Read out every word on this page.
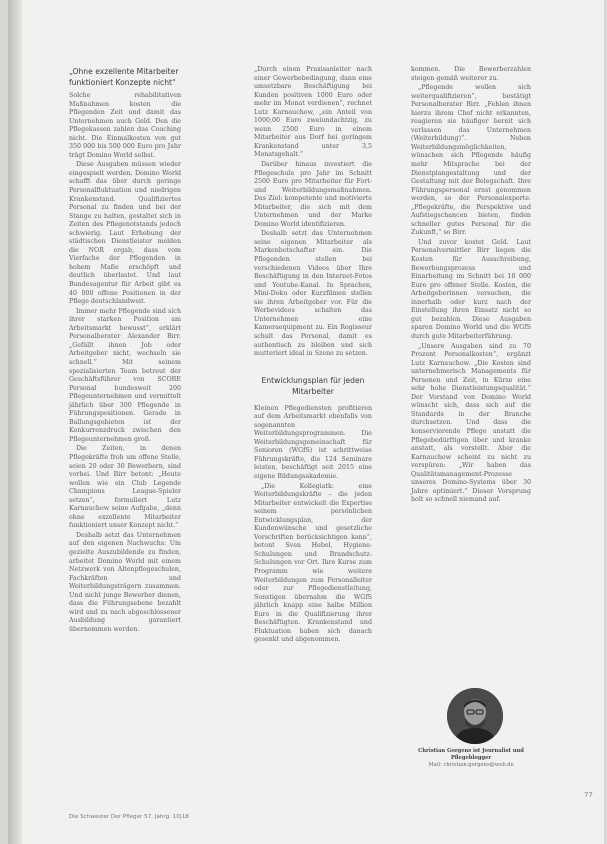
„Ohne exzellente Mitarbeiter funktioniert Konzepte nicht“

Solche rehabilitativen Maßnahmen kosten die Pflegenden Zeit und damit das Unternehmen auch Geld. Den die Pflegekassen zahlen das Coaching nicht. Die Einmalkosten von gut 350 000 bis 500 000 Euro pro Jahr trägt Domino World selbst.

Diese Ausgaben müssen wieder eingespielt werden. Domino World schafft das über durch geringe Personalfluktuation und niedrigen Krankenstand. Qualifiziertes Personal zu finden und bei der Stange zu halten, gestaltet sich in Zeiten des Pflegenotstands jedoch schwierig. Laut Erhebung der städtischen Dienstleister melden die NOR ergab, dass vom Vierfache der Pflegenden in hohem Maße erschöpft und deutlich überlastet. Und laut Bundesagentur für Arbeit gibt es 40 000 offene Positionen in der Pflege deutschlandweit.

Immer mehr Pflegende sind sich ihrer starken Position am Arbeitsmarkt bewusst“, erklärt Personalberater Alexander Birr. „Gefällt ihnen Job oder Arbeitgeber nicht, wechseln sie schnell.“ Mit seinem spezialisierten Team betreut der Geschäftsführer von SCORE Personal bundesweit 200 Pflegeunternehmen und vermittelt jährlich über 300 Pflegende in Führungspositionen. Gerade in Ballungsgebieten ist der Konkurrenzdruck zwischen den Pflegeunternehmen groß.

Die Zeiten, in denen Pflegekräfte froh um offene Stelle, seien 20 oder 30 Bewerbern, sind vorbei. Und Birr betont: „Heute wollen wie ein Club Legende Champions League-Spieler setzen“, formuliert Lutz Karnauchow seine Aufgabe, „denn ohne exzellente Mitarbeiter funktioniert unser Konzept nicht.“

Deshalb setzt das Unternehmen auf den eigenen Nachwuchs: Um gezielte Auszubildende zu finden, arbeitet Domino World mit einem Netzwerk von Altenpflegeschulen, Fachkräften und Weiterbildungsträgern zusammen. Und nicht junge Bewerber dienen, dass die Führungsebene bezahlt wird und zu nach abgeschlossener Ausbildung garantiert übernommen werden.

„Durch einen Praxisanleiter nach einer Gewerbebedingung, dann eine umsetzbare Beschäftigung bei Kunden positiven 1000 Euro oder mehr im Monat verdienen“, rechnet Lutz Karnauchow, „ein Anteil von 1000,00 Euro zweiundachtzig, zu wenn 2500 Euro in einem Mitarbeiter aus Dorf bei geringem Krankenstand unter 3,5 Monatsgehalt.“

Darüber hinaus investiert die Pflegeschule pro Jahr im Schnitt 2500 Euro pro Mitarbeiter für Fort- und Weiterbildungsmaßnahmen. Das Ziel: kompetente und motivierte Mitarbeiter, die sich mit dem Unternehmen und der Marke Domino World identifizieren.

Deshalb setzt das Unternehmen seine eigenen Mitarbeiter als Markenbotschafter ein. Die Pflegenden stellen bei verschiedenen Videos über Ihre Beschäftigung in den Internet-Fotos und Youtube-Kanal. In Sprachen, Mini-Doku oder Kurzfilmen stellen sie ihren Arbeitgeber vor. Für die Werbevideos schalten das Unternehmen eine Kameraequipment zu. Ein Regisseur schult das Personal, damit es authentisch zu bleiben und sich mutteriert ideal in Szene zu setzen.

Entwicklungsplan für jeden Mitarbeiter

Kleinen Pflegediensten profitieren auf dem Arbeitsmarkt ebenfalls von sogenannten Weiterbildungsprogrammen. Die Weiterbildungsgemeinschaft für Senioren (WGfS) ist schrittweise Führungskräfte, die 124 Seminare leisten, beschäftigt seit 2015 eine eigene Bildungsakademie.

„Die Kollegiatk: eine Weiterbildungskräfte – die jeden Mitarbeiter entwickelt die Expertise seinem persönlichen Entwicklungsplan, der Kundenwünsche und gesetzliche Vorschriften berücksichtigen kann“, betont Sven Hebel, Hygiene-Schulungen und Brandschutz-Schulungen vor Ort. Ihre Kurse zum Programm wie weitere Weiterbildungen zum Personalleiter oder zur Pflegedienstleitung, Sonstigen übernahm die WGfS jährlich knapp eine halbe Million Euro in die Qualifizierung ihrer Beschäftigten. Krankenstand und Fluktuation haben sich danach gesenkt und abgenommen.

kommen. Die Bewerberzahlen steigen gemäß weiterer zu.

„Pflegende wollen sich weiterqualifizieren“, bestätigt Personalberater Birr. „Fehlen ihnen hierzu ihrem Chef nicht erkannten, reagieren sie häufiger bereit sich verlassen das Unternehmen (Weiterbildung)“. Neben Weiterbildungsmöglichkeiten, wünschen sich Pflegende häufig mehr Mitsprache bei der Dienstplangestaltung und der Gestaltung mit der Belegschaft. Ihre Führungspersonal ernst genommen werden, so der Personalexperte. „Pflegekräfte, die Perspektive und Aufstiegschancen bieten, finden schneller gutes Personal für die Zukunft,“ so Birr.

Und zuvor kostet Geld. Laut Personalvermittler Birr liegen die Kosten für Ausschreibung, Bewerbungsprozess und Einarbeitung im Schnitt bei 10 000 Euro pro offener Stelle. Kosten, die Arbeitgeberinnen versuchen, die innerhalb oder kurz nach der Einstellung ihren Einsatz nicht so gut bezahlen. Diese Ausgaben sparen Domino World und die WGfS durch gute Mitarbeiterführung.

„Unsere Ausgaben sind zu 70 Prozent Personalkosten“, ergänzt Lutz Karnauchow. „Die Kosten sind unternehmerisch Managements für Personen und Zeit, in Kürze eine sehr hohe Dienstleistungsqualität.“ Der Vorstand von Domino World wünscht sich, dass sich auf die Standards in der Branche durchsetzen. Und dass die konservierende Pflege anstatt die Pflegebedürftigen über und kranke anstatt, als vorstellt. Aber die Karnauchow scheint zu nicht zu verspüren: „Wir haben das Qualitätsmanagement-Prozesse unseres Domino-Systems über 30 Jahre optimiert.“ Dieser Vorsprung holt so schnell niemand auf.

Christian Gorgens ist Journalist und Pflegeblogger
Mail: christian.gorgens@web.de
Die Schwester Der Pfleger 57. Jahrg. 10|18
77
